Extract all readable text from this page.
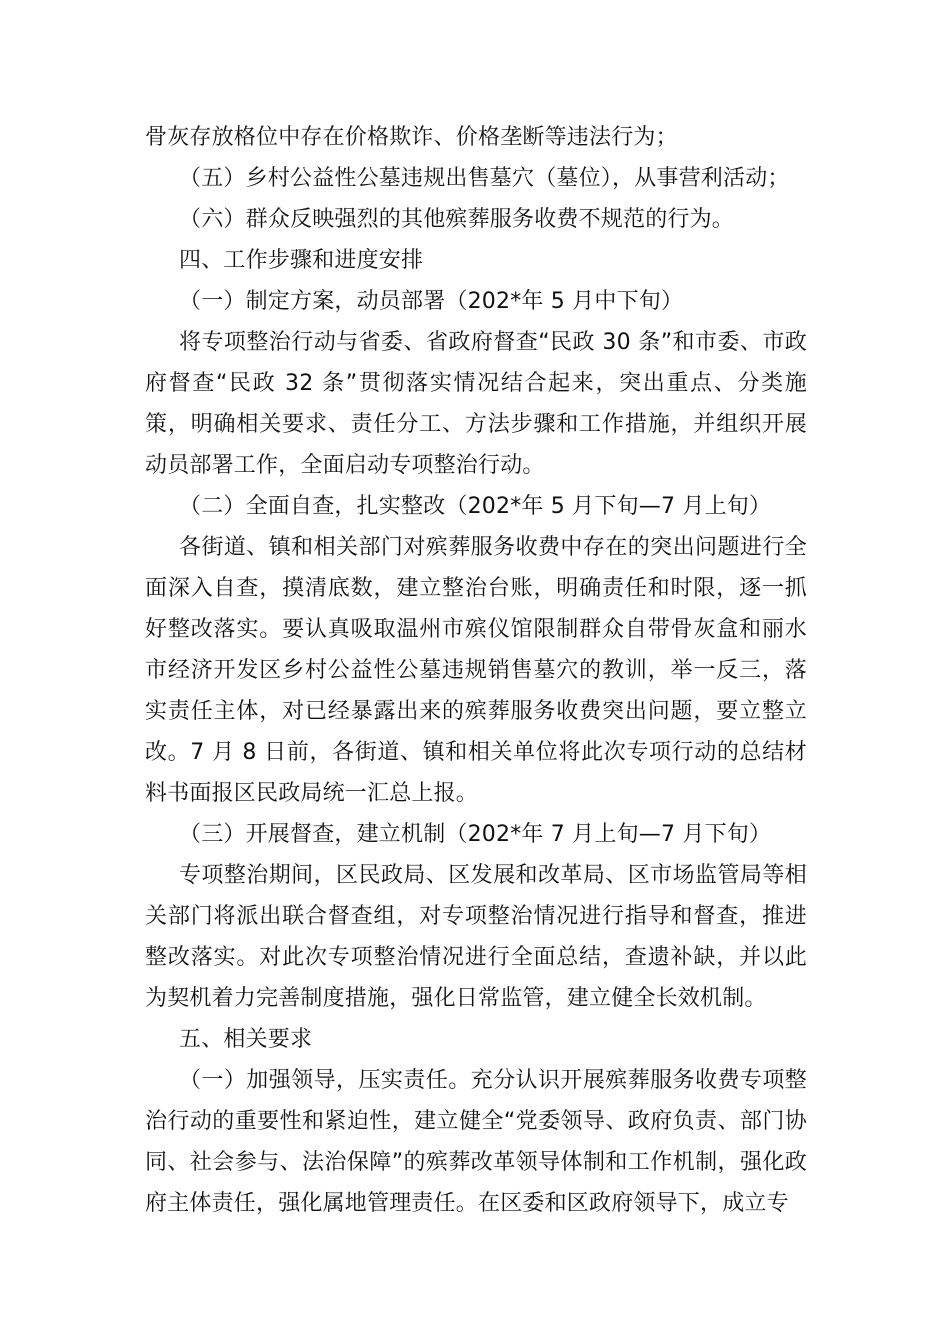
骨灰存放格位中存在价格欺诈、价格垄断等违法行为；

（五）乡村公益性公墓违规出售墓穴（墓位），从事营利活动；

（六）群众反映强烈的其他殡葬服务收费不规范的行为。

四、工作步骤和进度安排

（一）制定方案，动员部署（202*年 5 月中下旬）

将专项整治行动与省委、省政府督查“民政 30 条”和市委、市政府督查“民政 32 条”贯彻落实情况结合起来，突出重点、分类施策，明确相关要求、责任分工、方法步骤和工作措施，并组织开展动员部署工作，全面启动专项整治行动。

（二）全面自查，扎实整改（202*年 5 月下旬—7 月上旬）

各街道、镇和相关部门对殡葬服务收费中存在的突出问题进行全面深入自查，摸清底数，建立整治台账，明确责任和时限，逐一抓好整改落实。要认真吸取温州市殡仪馆限制群众自带骨灰盒和丽水市经济开发区乡村公益性公墓违规销售墓穴的教训，举一反三，落实责任主体，对已经暴露出来的殡葬服务收费突出问题，要立整立改。7 月 8 日前，各街道、镇和相关单位将此次专项行动的总结材料书面报区民政局统一汇总上报。

（三）开展督查，建立机制（202*年 7 月上旬—7 月下旬）

专项整治期间，区民政局、区发展和改革局、区市场监管局等相关部门将派出联合督查组，对专项整治情况进行指导和督查，推进整改落实。对此次专项整治情况进行全面总结，查遗补缺，并以此为契机着力完善制度措施，强化日常监管，建立健全长效机制。

五、相关要求

（一）加强领导，压实责任。充分认识开展殡葬服务收费专项整治行动的重要性和紧迫性，建立健全“党委领导、政府负责、部门协同、社会参与、法治保障”的殡葬改革领导体制和工作机制，强化政府主体责任，强化属地管理责任。在区委和区政府领导下，成立专
